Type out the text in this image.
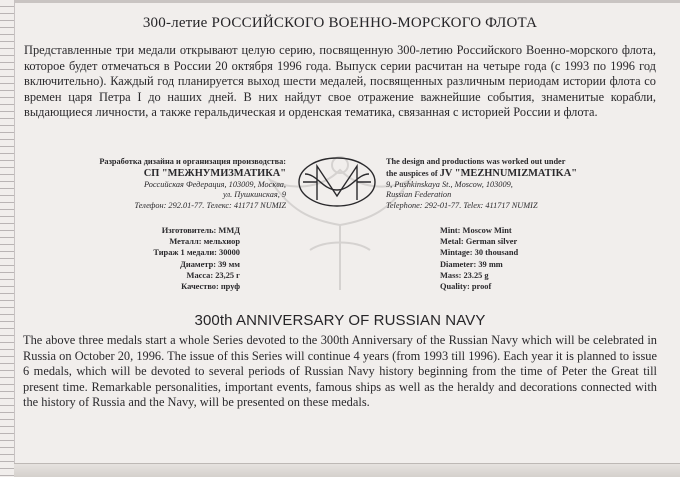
300-летие РОССИЙСКОГО ВОЕННО-МОРСКОГО ФЛОТА

Представленные три медали открывают целую серию, посвященную 300-летию Российского Военно-морского флота, которое будет отмечаться в России 20 октября 1996 года. Выпуск серии расчитан на четыре года (с 1993 по 1996 год включительно). Каждый год планируется выход шести медалей, посвященных различным периодам истории флота со времен царя Петра I до наших дней. В них найдут свое отражение важнейшие события, знаменитые корабли, выдающиеся личности, а также геральдическая и орденская тематика, связанная с историей России и флота.

Разработка дизайна и организация производства:
СП "МЕЖНУМИЗМАТИКА"
Российская Федерация, 103009, Москва,
ул. Пушкинская, 9
Телефон: 292.01-77. Телекс: 411717 NUMIZ
The design and productions was worked out under
the auspices of JV "MEZHNUMIZMATIKA"
9, Pushkinskaya St., Moscow, 103009,
Russian Federation
Telephone: 292-01-77. Telex: 411717 NUMIZ
Изготовитель: ММД
Металл: мельхиор
Тираж 1 медали: 30000
Диаметр: 39 мм
Масса: 23,25 г
Качество: пруф
Mint: Moscow Mint
Metal: German silver
Mintage: 30 thousand
Diameter: 39 mm
Mass: 23.25 g
Quality: proof
300th ANNIVERSARY OF RUSSIAN NAVY

The above three medals start a whole Series devoted to the 300th Anniversary of the Russian Navy which will be celebrated in Russia on October 20, 1996. The issue of this Series will continue 4 years (from 1993 till 1996). Each year it is planned to issue 6 medals, which will be devoted to several periods of Russian Navy history beginning from the time of Peter the Great till present time. Remarkable personalities, important events, famous ships as well as the heraldy and decorations connected with the history of Russia and the Navy, will be presented on these medals.
